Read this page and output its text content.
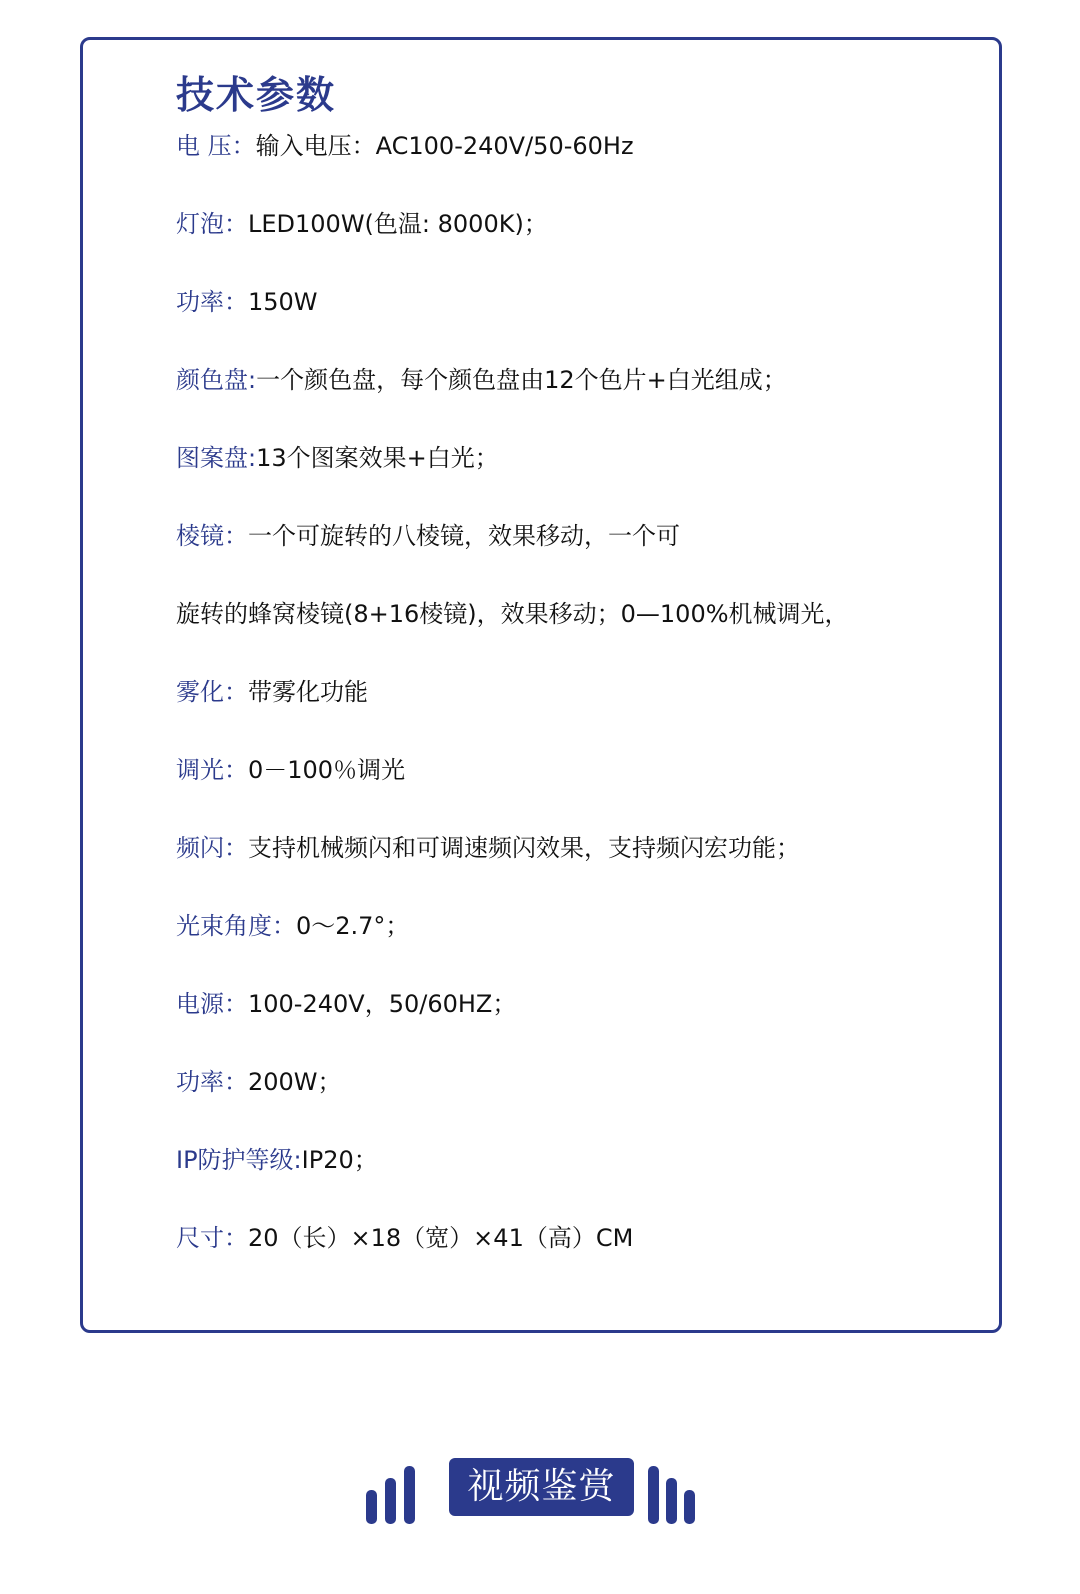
技术参数
电 压：输入电压：AC100-240V/50-60Hz
灯泡：LED100W(色温: 8000K)；
功率：150W
颜色盘:一个颜色盘，每个颜色盘由12个色片+白光组成；
图案盘:13个图案效果+白光；
棱镜：一个可旋转的八棱镜，效果移动，一个可
旋转的蜂窝棱镜(8+16棱镜)，效果移动；0—100%机械调光，
雾化：带雾化功能
调光：0－100％调光
频闪：支持机械频闪和可调速频闪效果，支持频闪宏功能；
光束角度：0～2.7°；
电源：100-240V，50/60HZ；
功率：200W；
IP防护等级:IP20；
尺寸：20（长）×18（宽）×41（高）CM
视频鉴赏
